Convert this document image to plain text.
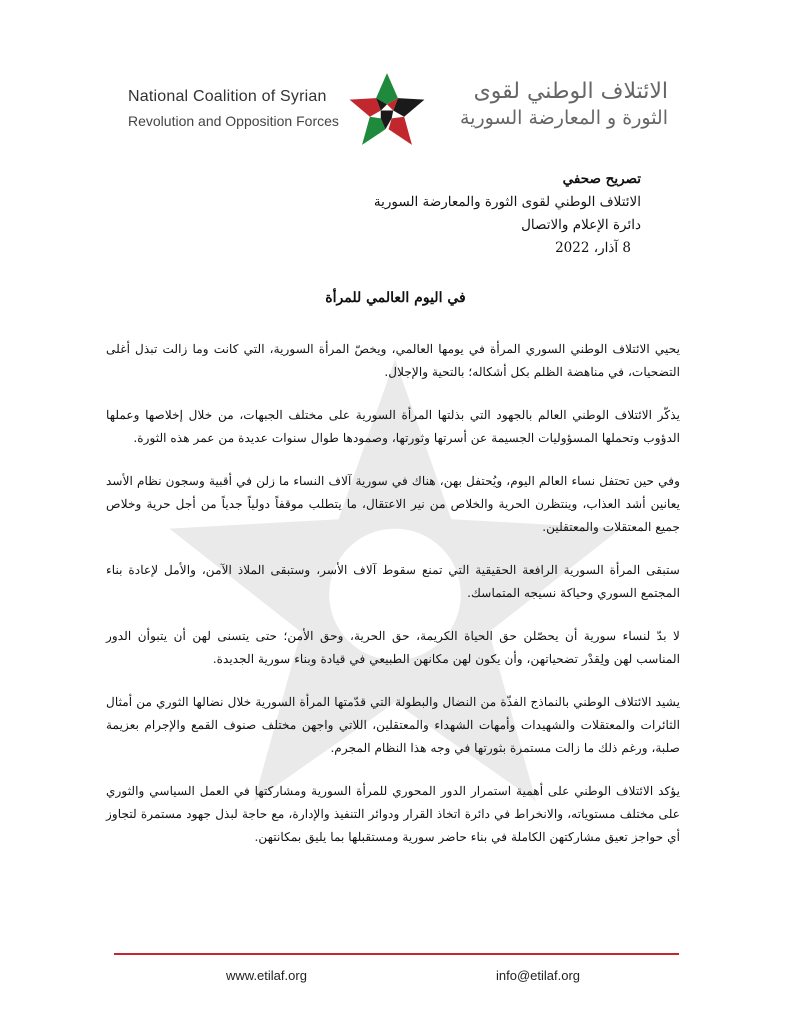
National Coalition of Syrian
Revolution and Opposition Forces
الائتلاف الوطني لقوى
الثورة و المعارضة السورية
تصريح صحفي
الائتلاف الوطني لقوى الثورة والمعارضة السورية
دائرة الإعلام والاتصال
8 آذار، 2022
في اليوم العالمي للمرأة

يحيي الائتلاف الوطني السوري المرأة في يومها العالمي، ويخصّ المرأة السورية، التي كانت وما زالت تبذل أغلى التضحيات، في مناهضة الظلم بكل أشكاله؛ بالتحية والإجلال.

يذكّر الائتلاف الوطني العالم بالجهود التي بذلتها المرأة السورية على مختلف الجبهات، من خلال إخلاصها وعملها الدؤوب وتحملها المسؤوليات الجسيمة عن أسرتها وثورتها، وصمودها طوال سنوات عديدة من عمر هذه الثورة.

وفي حين تحتفل نساء العالم اليوم، ويُحتفل بهن، هناك في سورية آلاف النساء ما زلن في أقبية وسجون نظام الأسد يعانين أشد العذاب، وينتظرن الحرية والخلاص من نير الاعتقال، ما يتطلب موقفاً دولياً جدياً من أجل حرية وخلاص جميع المعتقلات والمعتقلين.

ستبقى المرأة السورية الرافعة الحقيقية التي تمنع سقوط آلاف الأسر، وستبقى الملاذ الآمن، والأمل لإعادة بناء المجتمع السوري وحياكة نسيجه المتماسك.

لا بدّ لنساء سورية أن يحصّلن حق الحياة الكريمة، حق الحرية، وحق الأمن؛ حتى يتسنى لهن أن يتبوأن الدور المناسب لهن ولِقدْر تضحياتهن، وأن يكون لهن مكانهن الطبيعي في قيادة وبناء سورية الجديدة.

يشيد الائتلاف الوطني بالنماذج الفذّة من النضال والبطولة التي قدّمتها المرأة السورية خلال نضالها الثوري من أمثال الثائرات والمعتقلات والشهيدات وأمهات الشهداء والمعتقلين، اللاتي واجهن مختلف صنوف القمع والإجرام بعزيمة صلبة، ورغم ذلك ما زالت مستمرة بثورتها في وجه هذا النظام المجرم.

يؤكد الائتلاف الوطني على أهمية استمرار الدور المحوري للمرأة السورية ومشاركتها في العمل السياسي والثوري على مختلف مستوياته، والانخراط في دائرة اتخاذ القرار ودوائر التنفيذ والإدارة، مع حاجة لبذل جهود مستمرة لتجاوز أي حواجز تعيق مشاركتهن الكاملة في بناء حاضر سورية ومستقبلها بما يليق بمكانتهن.

www.etilaf.org	info@etilaf.org
